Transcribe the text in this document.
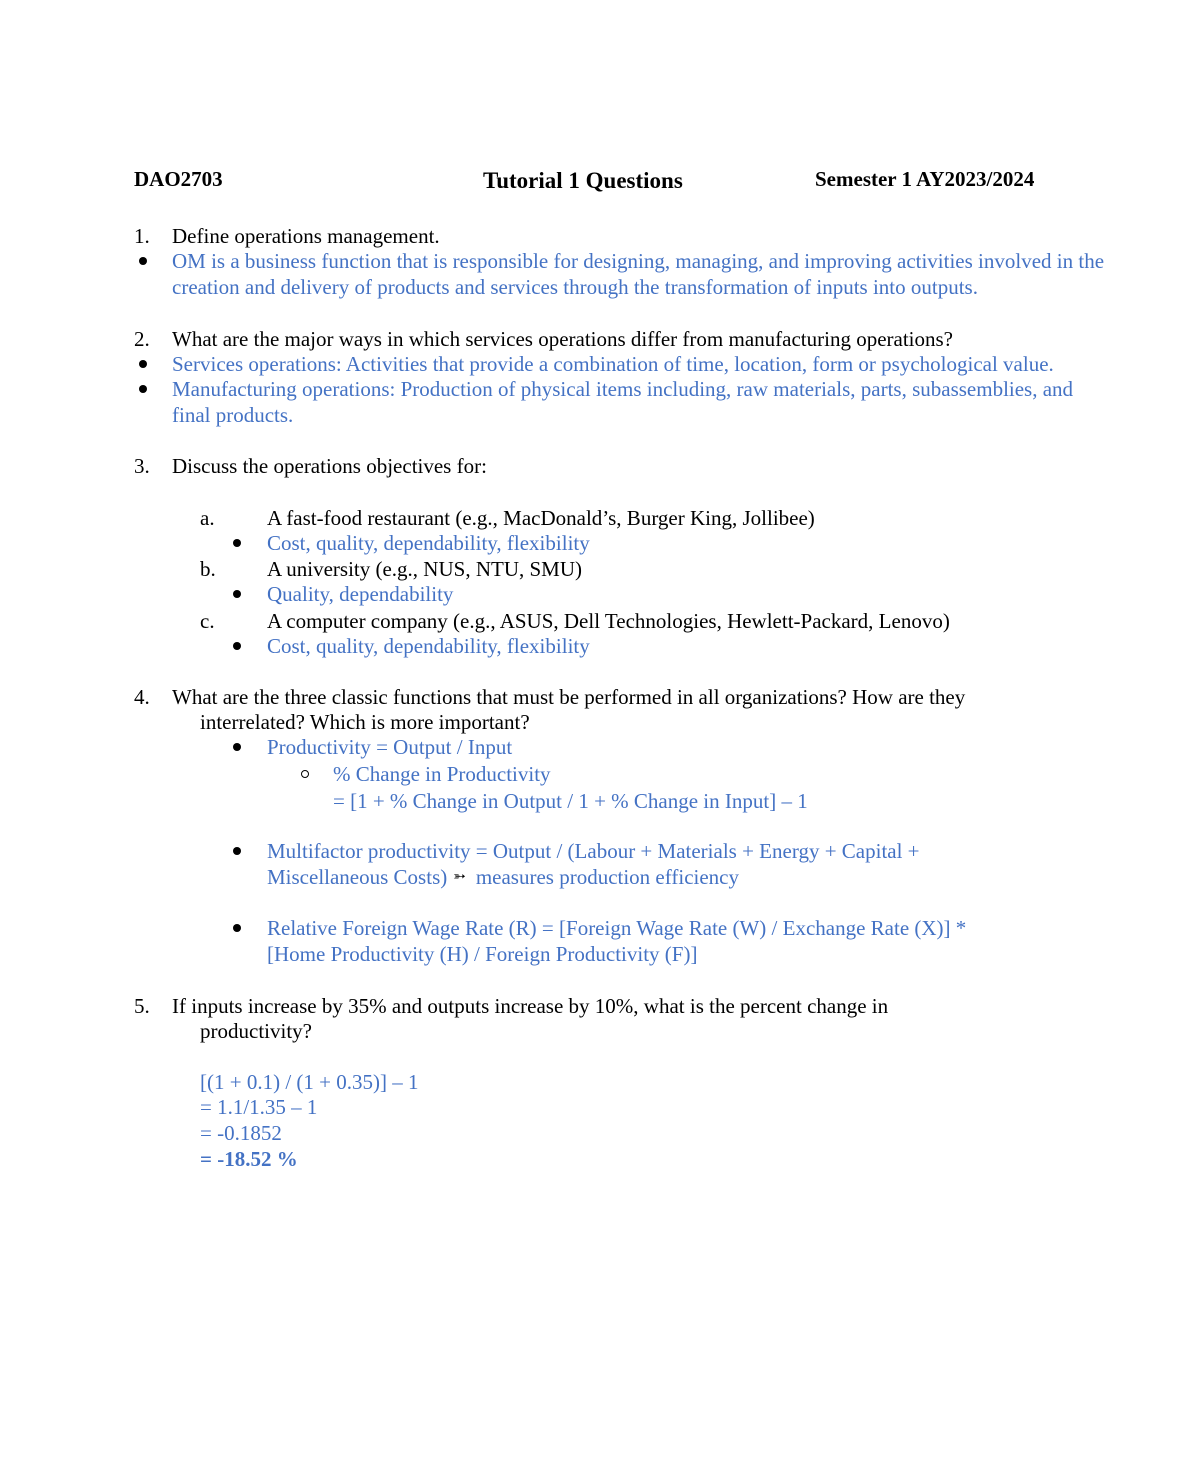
DAO2703	Tutorial 1 Questions	Semester 1 AY2023/2024
1. Define operations management.
OM is a business function that is responsible for designing, managing, and improving activities involved in the
creation and delivery of products and services through the transformation of inputs into outputs.
2. What are the major ways in which services operations differ from manufacturing operations?
Services operations: Activities that provide a combination of time, location, form or psychological value.
Manufacturing operations: Production of physical items including, raw materials, parts, subassemblies, and
final products.
3. Discuss the operations objectives for:
a. A fast-food restaurant (e.g., MacDonald’s, Burger King, Jollibee)
Cost, quality, dependability, flexibility
b. A university (e.g., NUS, NTU, SMU)
Quality, dependability
c. A computer company (e.g., ASUS, Dell Technologies, Hewlett-Packard, Lenovo)
Cost, quality, dependability, flexibility
4. What are the three classic functions that must be performed in all organizations? How are they
interrelated? Which is more important?
Productivity = Output / Input
% Change in Productivity
= [1 + % Change in Output / 1 + % Change in Input] – 1
Multifactor productivity = Output / (Labour + Materials + Energy + Capital +
Miscellaneous Costs) ➳ measures production efficiency
Relative Foreign Wage Rate (R) = [Foreign Wage Rate (W) / Exchange Rate (X)] *
[Home Productivity (H) / Foreign Productivity (F)]
5. If inputs increase by 35% and outputs increase by 10%, what is the percent change in
productivity?
[(1 + 0.1) / (1 + 0.35)] – 1
= 1.1/1.35 – 1
= -0.1852
= -18.52 %
